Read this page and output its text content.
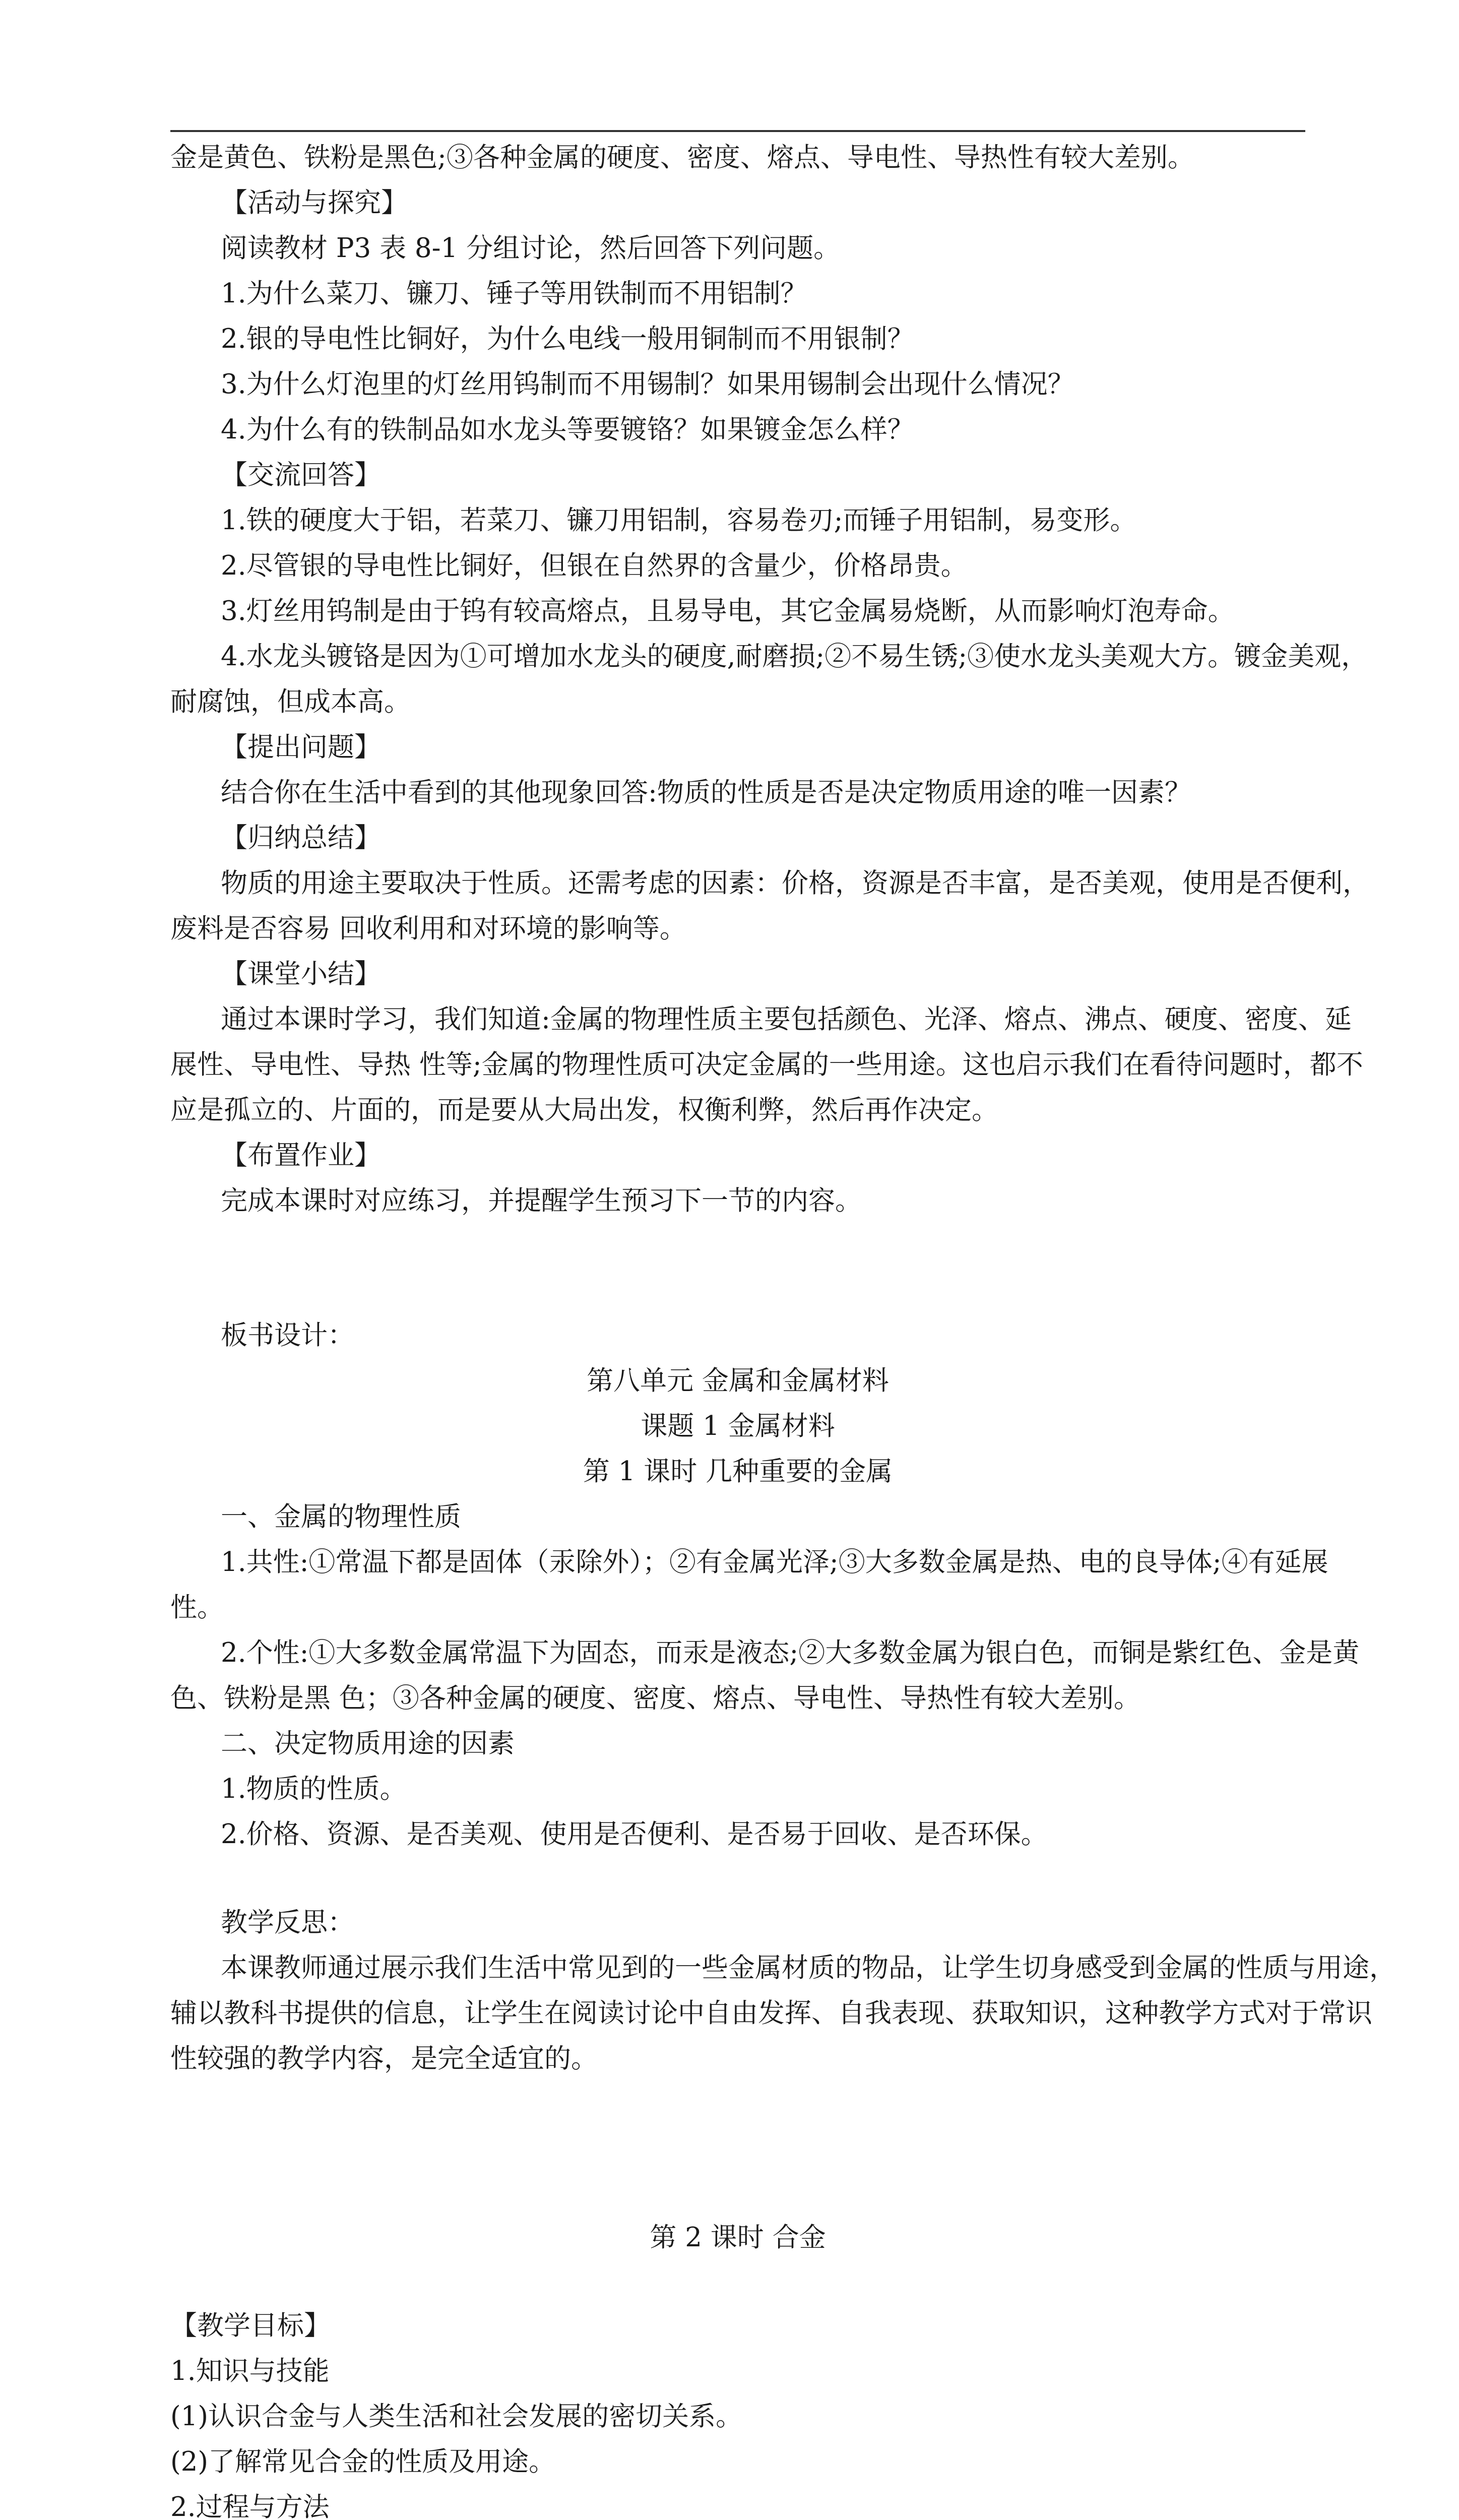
金是黄色、铁粉是黑色;③各种金属的硬度、密度、熔点、导电性、导热性有较大差别。
【活动与探究】
阅读教材 P3 表 8-1 分组讨论，然后回答下列问题。
1.为什么菜刀、镰刀、锤子等用铁制而不用铝制？
2.银的导电性比铜好，为什么电线一般用铜制而不用银制？
3.为什么灯泡里的灯丝用钨制而不用锡制？如果用锡制会出现什么情况？
4.为什么有的铁制品如水龙头等要镀铬？如果镀金怎么样？
【交流回答】
1.铁的硬度大于铝，若菜刀、镰刀用铝制，容易卷刃;而锤子用铝制，易变形。
2.尽管银的导电性比铜好，但银在自然界的含量少，价格昂贵。
3.灯丝用钨制是由于钨有较高熔点，且易导电，其它金属易烧断，从而影响灯泡寿命。
4.水龙头镀铬是因为①可增加水龙头的硬度,耐磨损;②不易生锈;③使水龙头美观大方。镀金美观，
耐腐蚀，但成本高。
【提出问题】
结合你在生活中看到的其他现象回答:物质的性质是否是决定物质用途的唯一因素？
【归纳总结】
物质的用途主要取决于性质。还需考虑的因素：价格，资源是否丰富，是否美观，使用是否便利，
废料是否容易 回收利用和对环境的影响等。
【课堂小结】
通过本课时学习，我们知道:金属的物理性质主要包括颜色、光泽、熔点、沸点、硬度、密度、延
展性、导电性、导热 性等;金属的物理性质可决定金属的一些用途。这也启示我们在看待问题时，都不
应是孤立的、片面的，而是要从大局出发，权衡利弊，然后再作决定。
【布置作业】
完成本课时对应练习，并提醒学生预习下一节的内容。
板书设计：
第八单元 金属和金属材料
课题 1 金属材料
第 1 课时 几种重要的金属
一、金属的物理性质
1.共性:①常温下都是固体（汞除外）；②有金属光泽;③大多数金属是热、电的良导体;④有延展
性。
2.个性:①大多数金属常温下为固态，而汞是液态;②大多数金属为银白色，而铜是紫红色、金是黄
色、铁粉是黑 色；③各种金属的硬度、密度、熔点、导电性、导热性有较大差别。
二、决定物质用途的因素
1.物质的性质。
2.价格、资源、是否美观、使用是否便利、是否易于回收、是否环保。
教学反思：
本课教师通过展示我们生活中常见到的一些金属材质的物品，让学生切身感受到金属的性质与用途，
辅以教科书提供的信息，让学生在阅读讨论中自由发挥、自我表现、获取知识，这种教学方式对于常识
性较强的教学内容，是完全适宜的。
第 2 课时 合金
【教学目标】
1.知识与技能
(1)认识合金与人类生活和社会发展的密切关系。
(2)了解常见合金的性质及用途。
2.过程与方法
